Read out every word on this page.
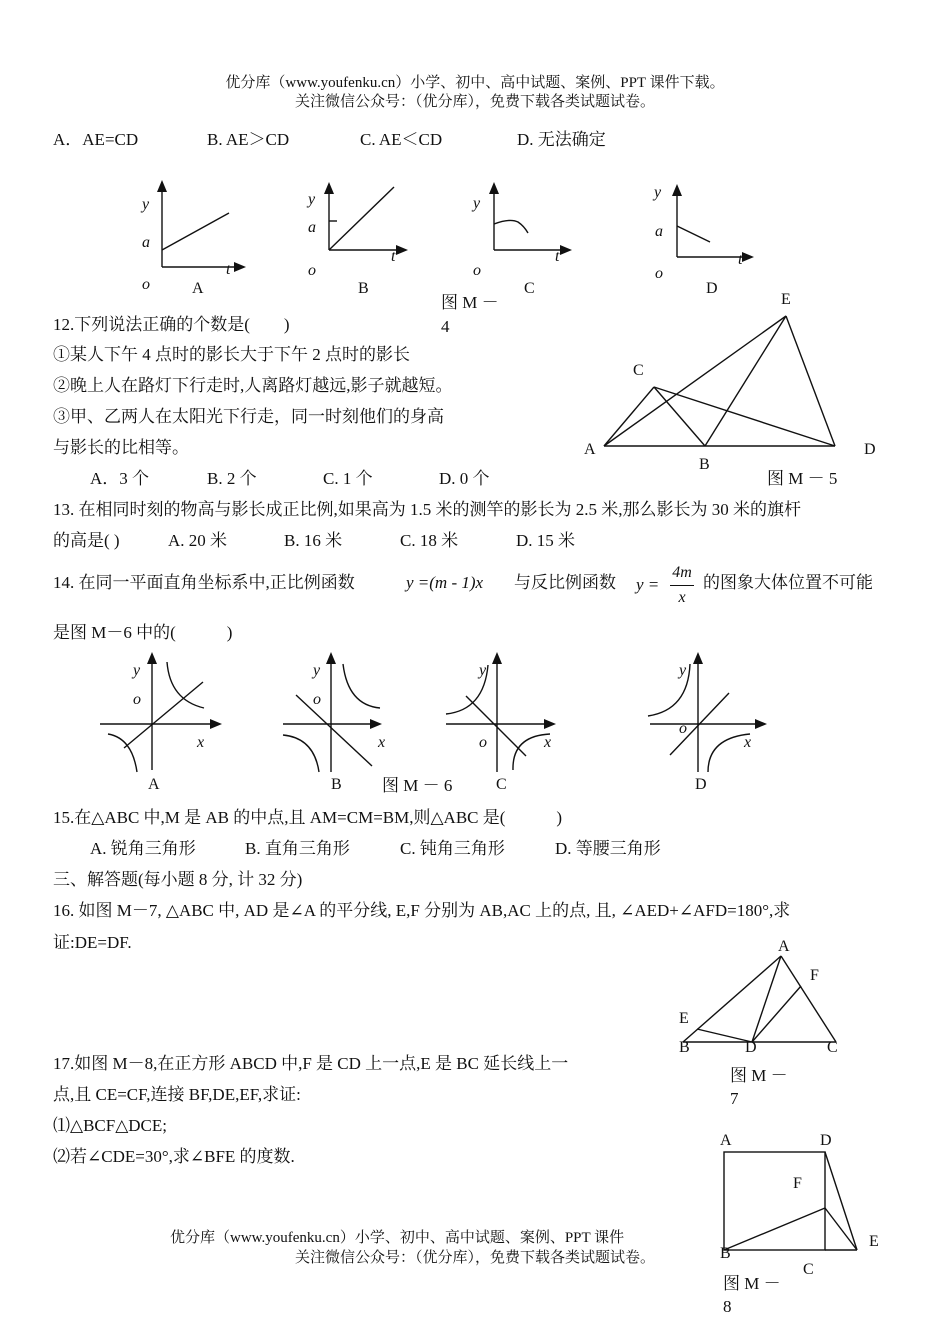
优分库（www.youfenku.cn）小学、初中、高中试题、案例、PPT 课件下载。
关注微信公众号：（优分库），免费下载各类试题试卷。
A．AE=CD	B. AE＞CD	C. AE＜CD	D. 无法确定
y
a
o
t
A
y
a
o
t
B
y
o
t
C
y
a
o
t
D
图 M －
4
12.下列说法正确的个数是(　　)
①某人下午 4 点时的影长大于下午 2 点时的影长
②晚上人在路灯下行走时,人离路灯越远,影子就越短。
③甲、乙两人在太阳光下行走，同一时刻他们的身高
与影长的比相等。
A．3 个	B. 2 个	C. 1 个	D. 0 个
E
C
A
B
D
图 M － 5
13. 在相同时刻的物高与影长成正比例,如果高为 1.5 米的测竿的影长为 2.5 米,那么影长为 30 米的旗杆
的高是( )	A. 20 米	B. 16 米	C. 18 米	D. 15 米
14. 在同一平面直角坐标系中,正比例函数	y =(m - 1)x 与反比例函数 y =
4m
x
的图象大体位置不可能
是图 M－6 中的(　　　)
y
o
x
A
y
o
x
B 图 M － 6
y
o	x
C
y
o
x
D
15.在△ABC 中,M 是 AB 的中点,且 AM=CM=BM,则△ABC 是(　　　)
A. 锐角三角形	B. 直角三角形	C. 钝角三角形	D. 等腰三角形
三、解答题(每小题 8 分, 计 32 分)
16. 如图 M－7, △ABC 中, AD 是∠A 的平分线, E,F 分别为 AB,AC 上的点, 且, ∠AED+∠AFD=180°,求
证:DE=DF.	A
F
E
B	D	C
图 M －
7
17.如图 M－8,在正方形 ABCD 中,F 是 CD 上一点,E 是 BC 延长线上一
点,且 CE=CF,连接 BF,DE,EF,求证:
⑴△BCF△DCE;
⑵若∠CDE=30°,求∠BFE 的度数.
A	D
F
E
B
C
图 M －
8
优分库（www.youfenku.cn）小学、初中、高中试题、案例、PPT 课件
关注微信公众号：（优分库），免费下载各类试题试卷。
